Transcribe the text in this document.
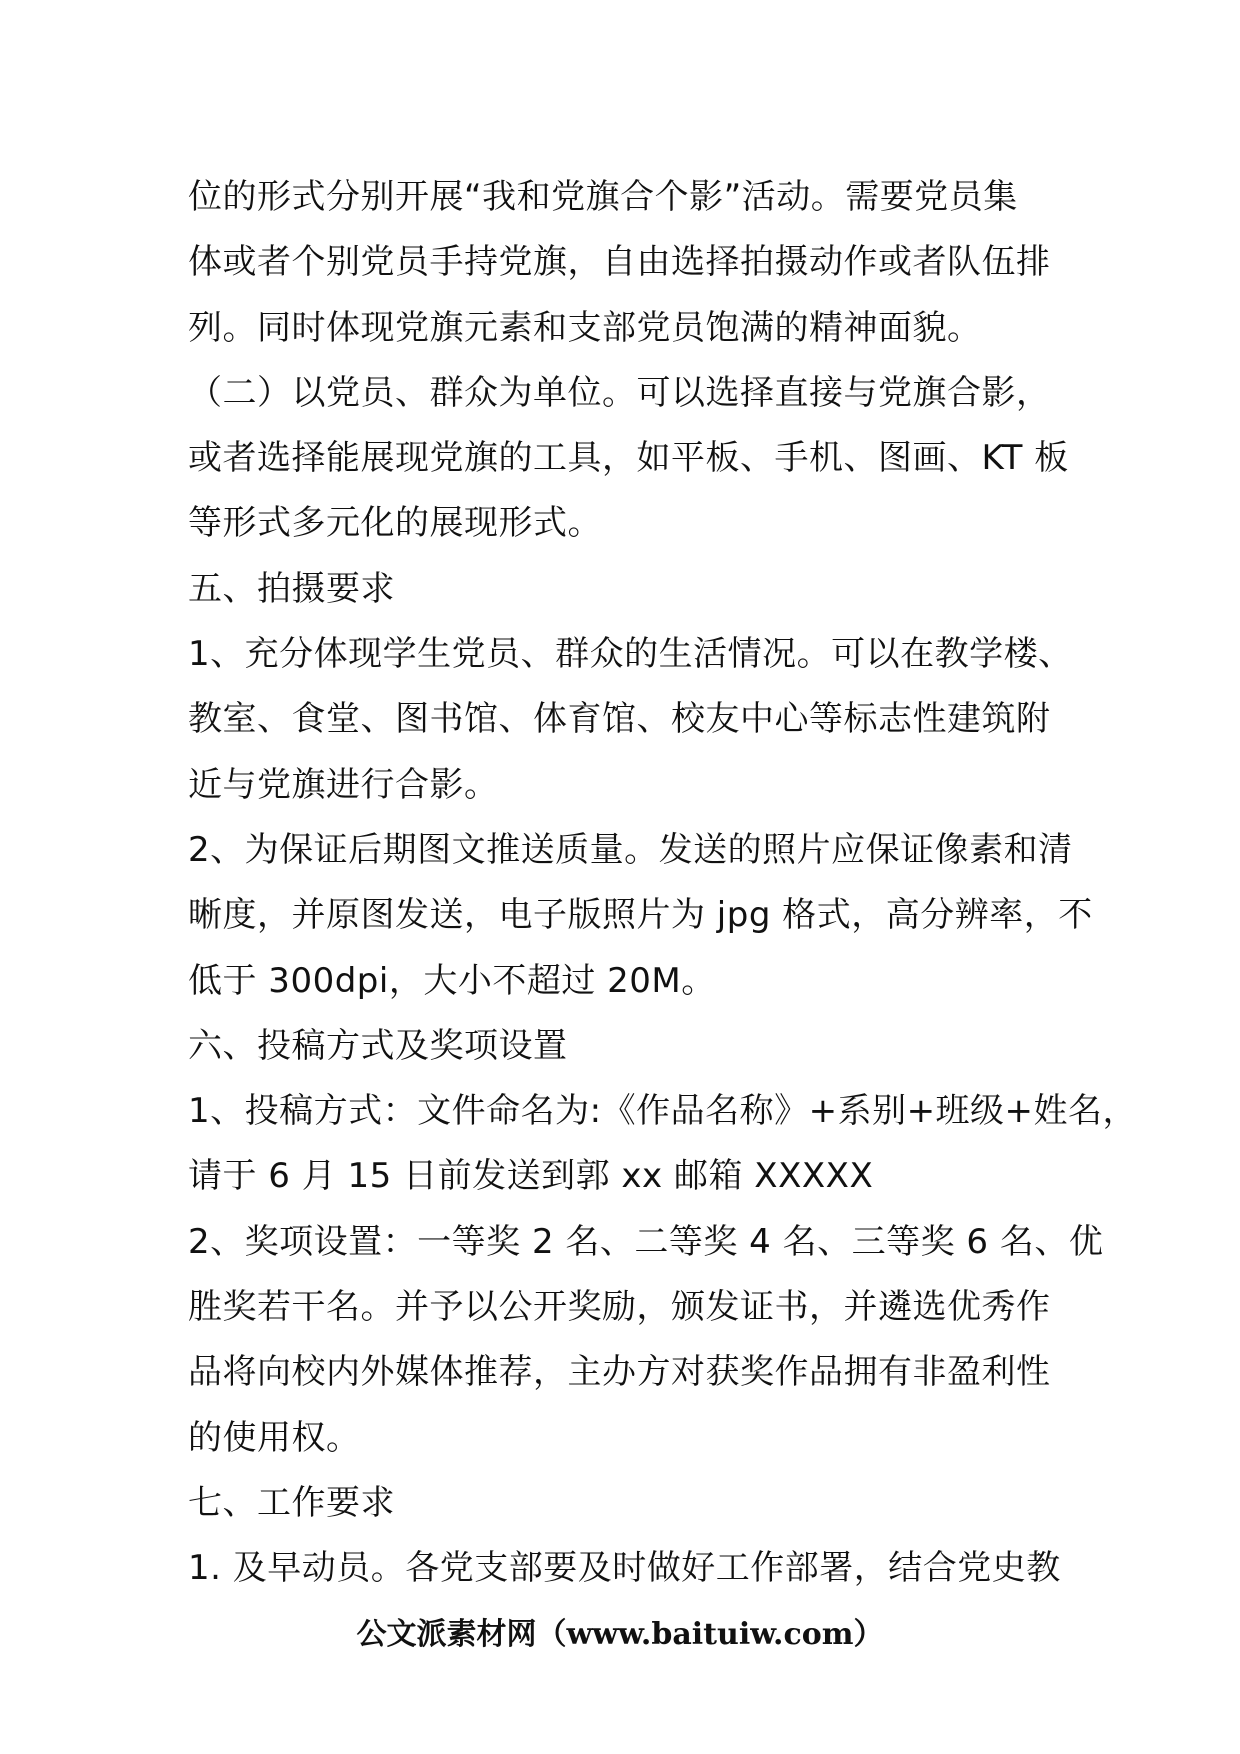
位的形式分别开展“我和党旗合个影”活动。需要党员集
体或者个别党员手持党旗，自由选择拍摄动作或者队伍排
列。同时体现党旗元素和支部党员饱满的精神面貌。
（二）以党员、群众为单位。可以选择直接与党旗合影，
或者选择能展现党旗的工具，如平板、手机、图画、KT 板
等形式多元化的展现形式。
五、拍摄要求
1、充分体现学生党员、群众的生活情况。可以在教学楼、
教室、食堂、图书馆、体育馆、校友中心等标志性建筑附
近与党旗进行合影。
2、为保证后期图文推送质量。发送的照片应保证像素和清
晰度，并原图发送，电子版照片为 jpg 格式，高分辨率，不
低于 300dpi，大小不超过 20M。
六、投稿方式及奖项设置
1、投稿方式：文件命名为:《作品名称》+系别+班级+姓名，
请于 6 月 15 日前发送到郭 xx 邮箱 XXXXX
2、奖项设置：一等奖 2 名、二等奖 4 名、三等奖 6 名、优
胜奖若干名。并予以公开奖励，颁发证书，并遴选优秀作
品将向校内外媒体推荐，主办方对获奖作品拥有非盈利性
的使用权。
七、工作要求
1. 及早动员。各党支部要及时做好工作部署，结合党史教
公文派素材网（www.baituiw.com）
